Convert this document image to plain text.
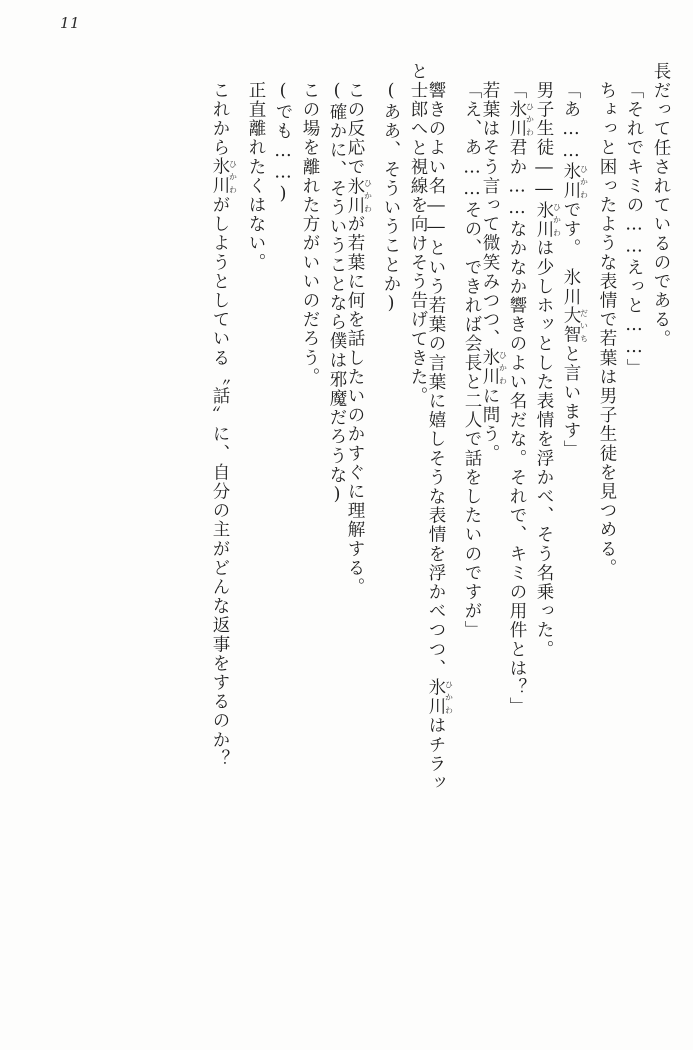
11
長だって任されているのである。
「それでキミの……えっと……」
ちょっと困ったような表情で若葉は男子生徒を見つめる。
「あ……氷川ひかわです。　氷川大智だいちと言います」
男子生徒――氷川ひかわは少しホッとした表情を浮かべ、そう名乗った。
「氷川ひかわ君か……なかなか響きのよい名だな。それで、キミの用件とは？」
若葉はそう言って微笑みつつ、氷川ひかわに問う。
「え、あ……その、できれば会長と二人で話をしたいのですが」
響きのよい名――という若葉の言葉に嬉しそうな表情を浮かべつつ、氷川ひかわはチラッ
と士郎へと視線を向けそう告げてきた。
(ああ、そういうことか)
この反応で氷川ひかわが若葉に何を話したいのかすぐに理解する。
(確かに、そういうことなら僕は邪魔だろうな)
この場を離れた方がいいのだろう。
(でも……)
正直離れたくはない。
これから氷川ひかわがしようとしている〝話〟に、自分の主がどんな返事をするのか？
